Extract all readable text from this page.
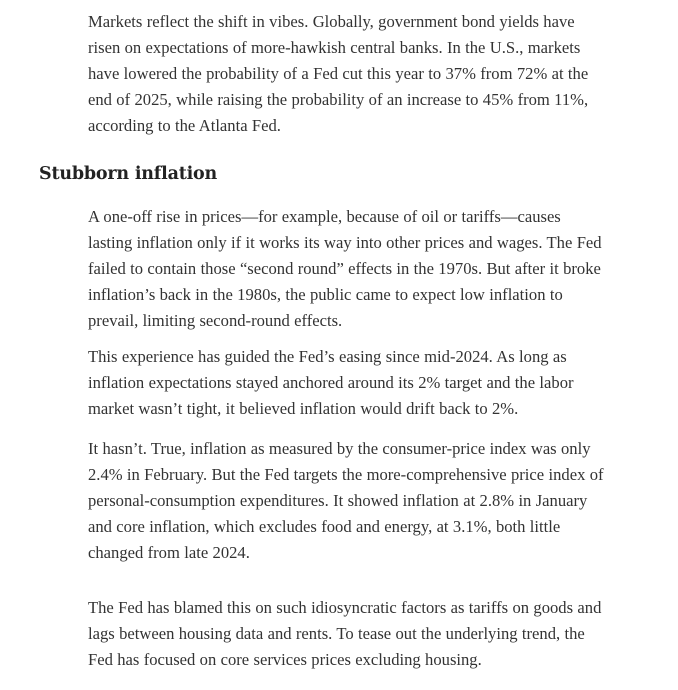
Markets reflect the shift in vibes. Globally, government bond yields have
risen on expectations of more-hawkish central banks. In the U.S., markets
have lowered the probability of a Fed cut this year to 37% from 72% at the
end of 2025, while raising the probability of an increase to 45% from 11%,
according to the Atlanta Fed.

Stubborn inflation

A one-off rise in prices—for example, because of oil or tariffs—causes
lasting inflation only if it works its way into other prices and wages. The Fed
failed to contain those “second round” effects in the 1970s. But after it broke
inflation’s back in the 1980s, the public came to expect low inflation to
prevail, limiting second-round effects.

This experience has guided the Fed’s easing since mid-2024. As long as
inflation expectations stayed anchored around its 2% target and the labor
market wasn’t tight, it believed inflation would drift back to 2%.

It hasn’t. True, inflation as measured by the consumer-price index was only
2.4% in February. But the Fed targets the more-comprehensive price index of
personal-consumption expenditures. It showed inflation at 2.8% in January
and core inflation, which excludes food and energy, at 3.1%, both little
changed from late 2024.

The Fed has blamed this on such idiosyncratic factors as tariffs on goods and
lags between housing data and rents. To tease out the underlying trend, the
Fed has focused on core services prices excluding housing.
